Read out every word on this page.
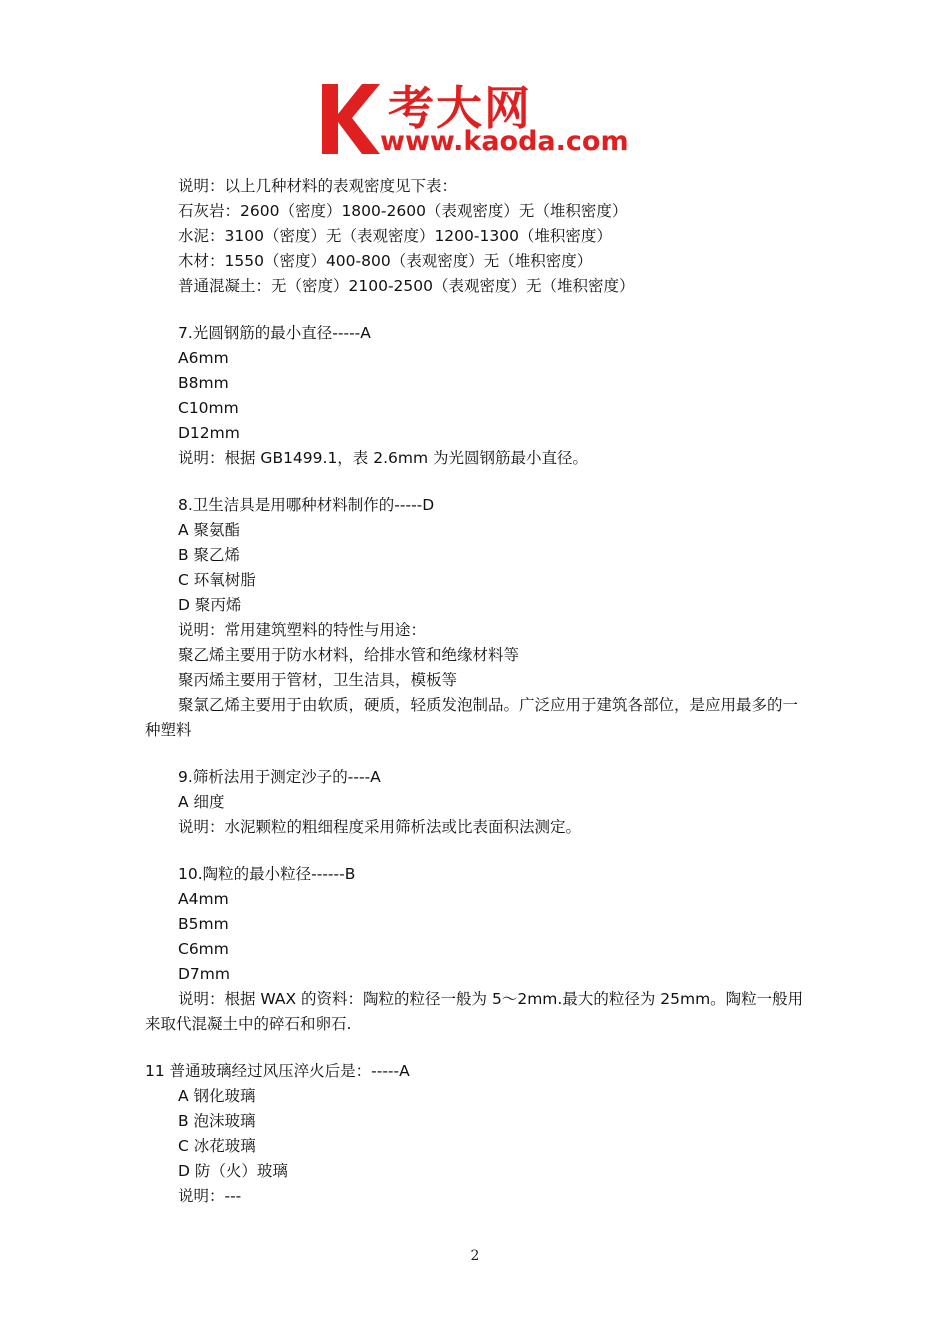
考大网
www.kaoda.com
说明：以上几种材料的表观密度见下表：
石灰岩：2600（密度）1800-2600（表观密度）无（堆积密度）
水泥：3100（密度）无（表观密度）1200-1300（堆积密度）
木材：1550（密度）400-800（表观密度）无（堆积密度）
普通混凝土：无（密度）2100-2500（表观密度）无（堆积密度）
7.光圆钢筋的最小直径-----A
A6mm
B8mm
C10mm
D12mm
说明：根据 GB1499.1，表 2.6mm 为光圆钢筋最小直径。
8.卫生洁具是用哪种材料制作的-----D
A 聚氨酯
B 聚乙烯
C 环氧树脂
D 聚丙烯
说明：常用建筑塑料的特性与用途：
聚乙烯主要用于防水材料，给排水管和绝缘材料等
聚丙烯主要用于管材，卫生洁具，模板等
聚氯乙烯主要用于由软质，硬质，轻质发泡制品。广泛应用于建筑各部位，是应用最多的一种塑料
9.筛析法用于测定沙子的----A
A 细度
说明：水泥颗粒的粗细程度采用筛析法或比表面积法测定。
10.陶粒的最小粒径------B
A4mm
B5mm
C6mm
D7mm
说明：根据 WAX 的资料：陶粒的粒径一般为 5～2mm.最大的粒径为 25mm。陶粒一般用来取代混凝土中的碎石和卵石.
11 普通玻璃经过风压淬火后是：-----A
A 钢化玻璃
B 泡沫玻璃
C 冰花玻璃
D 防（火）玻璃
说明：---
2
